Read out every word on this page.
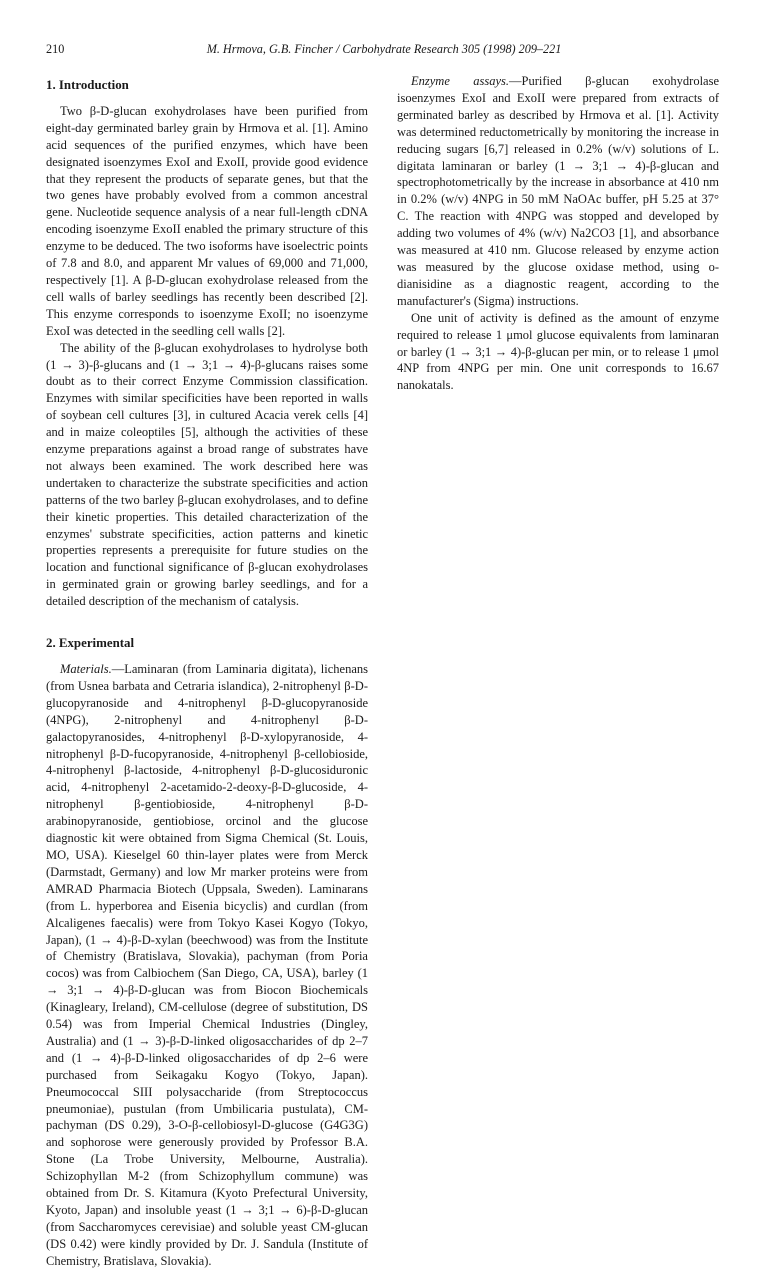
210	M. Hrmova, G.B. Fincher / Carbohydrate Research 305 (1998) 209–221
1. Introduction

Two β-D-glucan exohydrolases have been purified from eight-day germinated barley grain by Hrmova et al. [1]. Amino acid sequences of the purified enzymes, which have been designated isoenzymes ExoI and ExoII, provide good evidence that they represent the products of separate genes, but that the two genes have probably evolved from a common ancestral gene. Nucleotide sequence analysis of a near full-length cDNA encoding isoenzyme ExoII enabled the primary structure of this enzyme to be deduced. The two isoforms have isoelectric points of 7.8 and 8.0, and apparent Mr values of 69,000 and 71,000, respectively [1]. A β-D-glucan exohydrolase released from the cell walls of barley seedlings has recently been described [2]. This enzyme corresponds to isoenzyme ExoII; no isoenzyme ExoI was detected in the seedling cell walls [2].

The ability of the β-glucan exohydrolases to hydrolyse both (1 → 3)-β-glucans and (1 → 3;1 → 4)-β-glucans raises some doubt as to their correct Enzyme Commission classification. Enzymes with similar specificities have been reported in walls of soybean cell cultures [3], in cultured Acacia verek cells [4] and in maize coleoptiles [5], although the activities of these enzyme preparations against a broad range of substrates have not always been examined. The work described here was undertaken to characterize the substrate specificities and action patterns of the two barley β-glucan exohydrolases, and to define their kinetic properties. This detailed characterization of the enzymes' substrate specificities, action patterns and kinetic properties represents a prerequisite for future studies on the location and functional significance of β-glucan exohydrolases in germinated grain or growing barley seedlings, and for a detailed description of the mechanism of catalysis.

2. Experimental

Materials.—Laminaran (from Laminaria digitata), lichenans (from Usnea barbata and Cetraria islandica), 2-nitrophenyl β-D-glucopyranoside and 4-nitrophenyl β-D-glucopyranoside (4NPG), 2-nitrophenyl and 4-nitrophenyl β-D-galactopyranosides, 4-nitrophenyl β-D-xylopyranoside, 4-nitrophenyl β-D-fucopyranoside, 4-nitrophenyl β-cellobioside, 4-nitrophenyl β-lactoside, 4-nitrophenyl β-D-glucosiduronic acid, 4-nitrophenyl 2-acetamido-2-deoxy-β-D-glucoside, 4-nitrophenyl β-gentiobioside, 4-nitrophenyl β-D-arabinopyranoside, gentiobiose, orcinol and the glucose diagnostic kit were obtained from Sigma Chemical (St. Louis, MO, USA). Kieselgel 60 thin-layer plates were from Merck (Darmstadt, Germany) and low Mr marker proteins were from AMRAD Pharmacia Biotech (Uppsala, Sweden). Laminarans (from L. hyperborea and Eisenia bicyclis) and curdlan (from Alcaligenes faecalis) were from Tokyo Kasei Kogyo (Tokyo, Japan), (1 → 4)-β-D-xylan (beechwood) was from the Institute of Chemistry (Bratislava, Slovakia), pachyman (from Poria cocos) was from Calbiochem (San Diego, CA, USA), barley (1 → 3;1 → 4)-β-D-glucan was from Biocon Biochemicals (Kinagleary, Ireland), CM-cellulose (degree of substitution, DS 0.54) was from Imperial Chemical Industries (Dingley, Australia) and (1 → 3)-β-D-linked oligosaccharides of dp 2–7 and (1 → 4)-β-D-linked oligosaccharides of dp 2–6 were purchased from Seikagaku Kogyo (Tokyo, Japan). Pneumococcal SIII polysaccharide (from Streptococcus pneumoniae), pustulan (from Umbilicaria pustulata), CM-pachyman (DS 0.29), 3-O-β-cellobiosyl-D-glucose (G4G3G) and sophorose were generously provided by Professor B.A. Stone (La Trobe University, Melbourne, Australia). Schizophyllan M-2 (from Schizophyllum commune) was obtained from Dr. S. Kitamura (Kyoto Prefectural University, Kyoto, Japan) and insoluble yeast (1 → 3;1 → 6)-β-D-glucan (from Saccharomyces cerevisiae) and soluble yeast CM-glucan (DS 0.42) were kindly provided by Dr. J. Sandula (Institute of Chemistry, Bratislava, Slovakia).

Enzyme assays.—Purified β-glucan exohydrolase isoenzymes ExoI and ExoII were prepared from extracts of germinated barley as described by Hrmova et al. [1]. Activity was determined reductometrically by monitoring the increase in reducing sugars [6,7] released in 0.2% (w/v) solutions of L. digitata laminaran or barley (1 → 3;1 → 4)-β-glucan and spectrophotometrically by the increase in absorbance at 410 nm in 0.2% (w/v) 4NPG in 50 mM NaOAc buffer, pH 5.25 at 37° C. The reaction with 4NPG was stopped and developed by adding two volumes of 4% (w/v) Na2CO3 [1], and absorbance was measured at 410 nm. Glucose released by enzyme action was measured by the glucose oxidase method, using o-dianisidine as a diagnostic reagent, according to the manufacturer's (Sigma) instructions.

One unit of activity is defined as the amount of enzyme required to release 1 μmol glucose equivalents from laminaran or barley (1 → 3;1 → 4)-β-glucan per min, or to release 1 μmol 4NP from 4NPG per min. One unit corresponds to 16.67 nanokatals.
